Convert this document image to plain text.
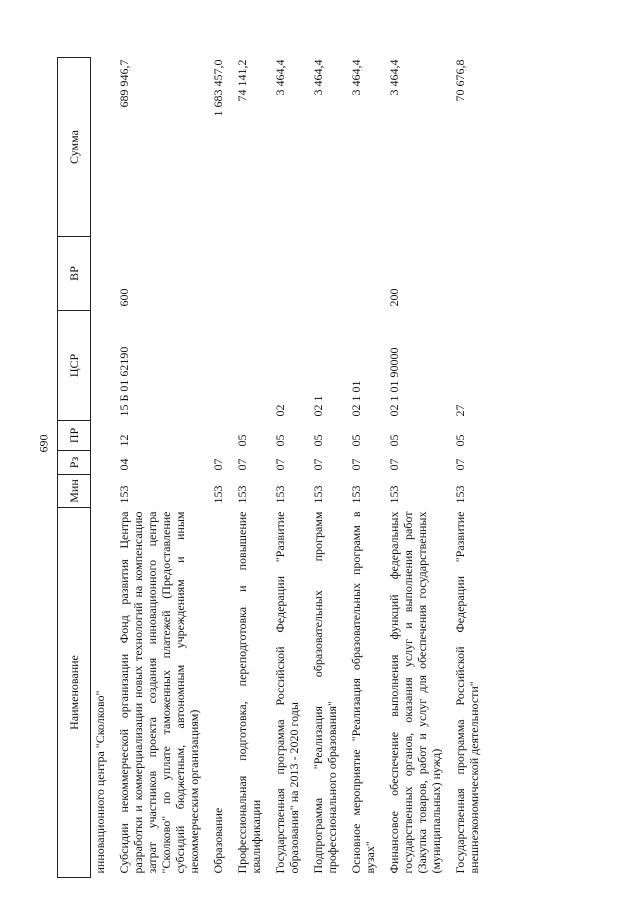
690
Наименование	Мин	Рз	ПР	ЦСР	ВР	Сумма
инновационного центра "Сколково"						
Субсидии некоммерческой организации Фонд развития Центра разработки и коммерциализации новых технологий на компенсацию затрат участников проекта создания инновационного центра "Сколково" по уплате таможенных платежей (Предоставление субсидий бюджетным, автономным учреждениям и иным некоммерческим организациям)	153	04	12	15 Б 01 62190	600	689 946,7
Образование	153	07				1 683 457,0
Профессиональная подготовка, переподготовка и повышение квалификации	153	07	05			74 141,2
Государственная программа Российской Федерации "Развитие образования" на 2013 - 2020 годы	153	07	05	02		3 464,4
Подпрограмма "Реализация образовательных программ профессионального образования"	153	07	05	02 1		3 464,4
Основное мероприятие "Реализация образовательных программ в вузах"	153	07	05	02 1 01		3 464,4
Финансовое обеспечение выполнения функций федеральных государственных органов, оказания услуг и выполнения работ (Закупка товаров, работ и услуг для обеспечения государственных (муниципальных) нужд)	153	07	05	02 1 01 90000	200	3 464,4
Государственная программа Российской Федерации "Развитие внешнеэкономической деятельности"	153	07	05	27		70 676,8
